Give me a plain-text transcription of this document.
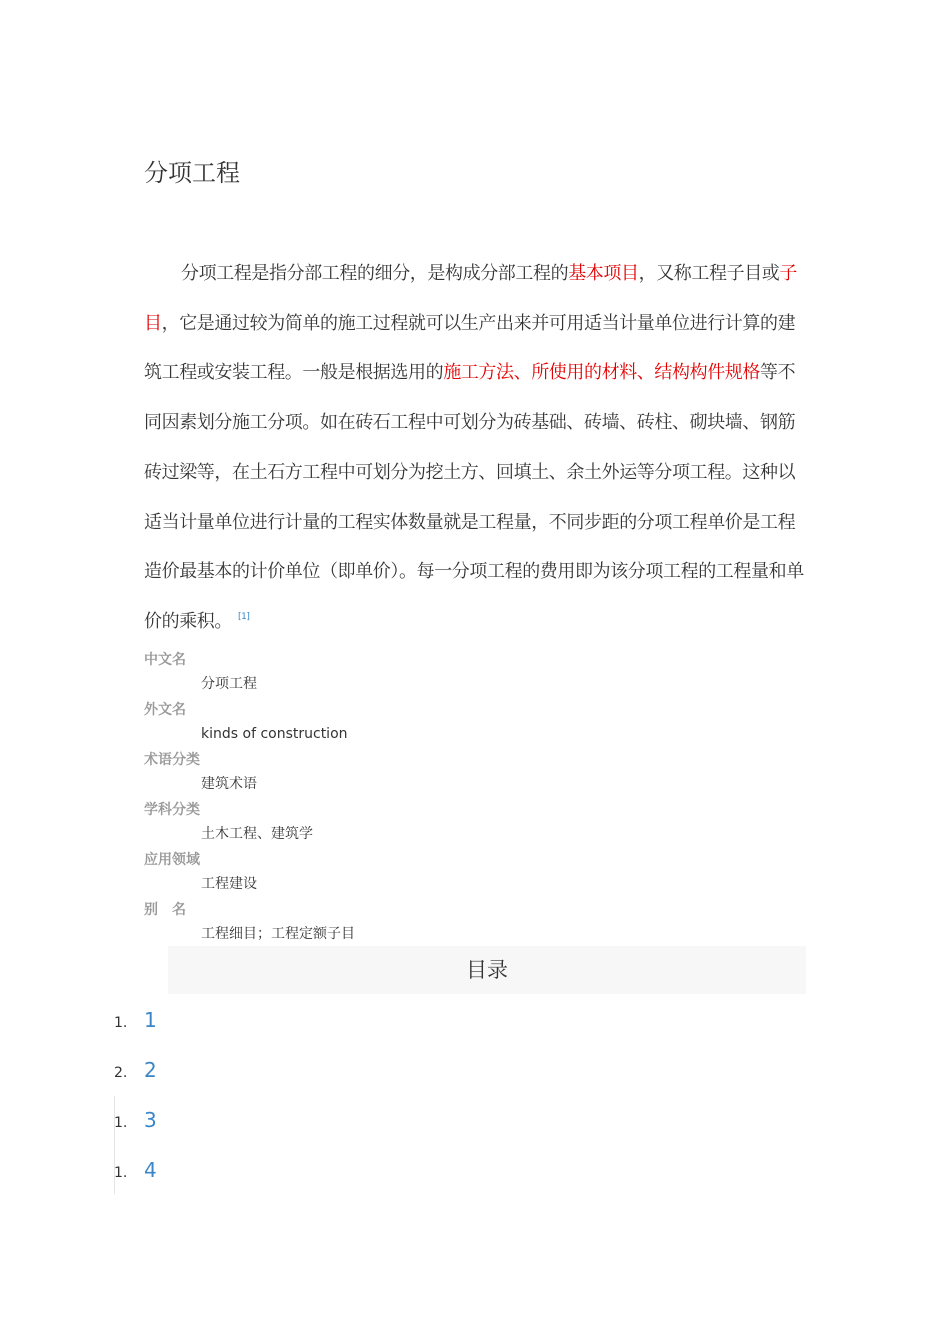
分项工程

分项工程是指分部工程的细分，是构成分部工程的基本项目，又称工程子目或子目，它是通过较为简单的施工过程就可以生产出来并可用适当计量单位进行计算的建筑工程或安装工程。一般是根据选用的施工方法、所使用的材料、结构构件规格等不同因素划分施工分项。如在砖石工程中可划分为砖基础、砖墙、砖柱、砌块墙、钢筋砖过梁等，在土石方工程中可划分为挖土方、回填土、余土外运等分项工程。这种以适当计量单位进行计量的工程实体数量就是工程量，不同步距的分项工程单价是工程造价最基本的计价单位（即单价）。每一分项工程的费用即为该分项工程的工程量和单价的乘积。 [1]

中文名
分项工程
外文名
kinds of construction
术语分类
建筑术语
学科分类
土木工程、建筑学
应用领域
工程建设
别　名
工程细目；工程定额子目
目录
1. 1
2. 2
1. 3
1. 4
